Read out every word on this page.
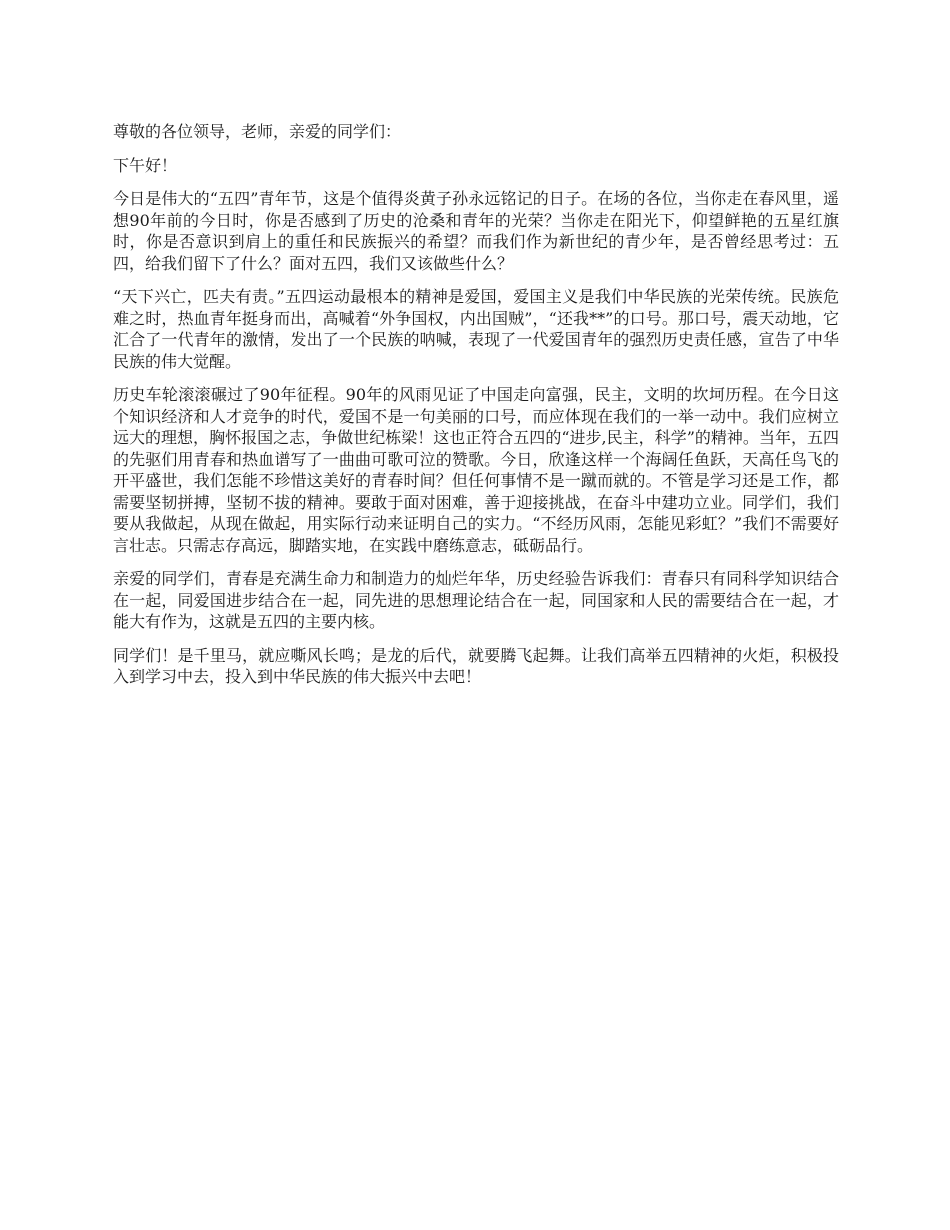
尊敬的各位领导，老师，亲爱的同学们：

下午好！

今日是伟大的“五四”青年节，这是个值得炎黄子孙永远铭记的日子。在场的各位，当你走在春风里，遥想90年前的今日时，你是否感到了历史的沧桑和青年的光荣？当你走在阳光下，仰望鲜艳的五星红旗时，你是否意识到肩上的重任和民族振兴的希望？而我们作为新世纪的青少年，是否曾经思考过：五四，给我们留下了什么？面对五四，我们又该做些什么？

“天下兴亡，匹夫有责。”五四运动最根本的精神是爱国，爱国主义是我们中华民族的光荣传统。民族危难之时，热血青年挺身而出，高喊着“外争国权，内出国贼”，“还我**”的口号。那口号，震天动地，它汇合了一代青年的激情，发出了一个民族的呐喊，表现了一代爱国青年的强烈历史责任感，宣告了中华民族的伟大觉醒。

历史车轮滚滚碾过了90年征程。90年的风雨见证了中国走向富强，民主，文明的坎坷历程。在今日这个知识经济和人才竞争的时代，爱国不是一句美丽的口号，而应体现在我们的一举一动中。我们应树立远大的理想，胸怀报国之志，争做世纪栋梁！这也正符合五四的“进步,民主，科学”的精神。当年，五四的先驱们用青春和热血谱写了一曲曲可歌可泣的赞歌。今日，欣逢这样一个海阔任鱼跃，天高任鸟飞的开平盛世，我们怎能不珍惜这美好的青春时间？但任何事情不是一蹴而就的。不管是学习还是工作，都需要坚韧拼搏，坚韧不拔的精神。要敢于面对困难，善于迎接挑战，在奋斗中建功立业。同学们，我们要从我做起，从现在做起，用实际行动来证明自己的实力。“不经历风雨，怎能见彩虹？”我们不需要好言壮志。只需志存高远，脚踏实地，在实践中磨练意志，砥砺品行。

亲爱的同学们，青春是充满生命力和制造力的灿烂年华，历史经验告诉我们：青春只有同科学知识结合在一起，同爱国进步结合在一起，同先进的思想理论结合在一起，同国家和人民的需要结合在一起，才能大有作为，这就是五四的主要内核。

同学们！是千里马，就应嘶风长鸣；是龙的后代，就要腾飞起舞。让我们高举五四精神的火炬，积极投入到学习中去，投入到中华民族的伟大振兴中去吧！
